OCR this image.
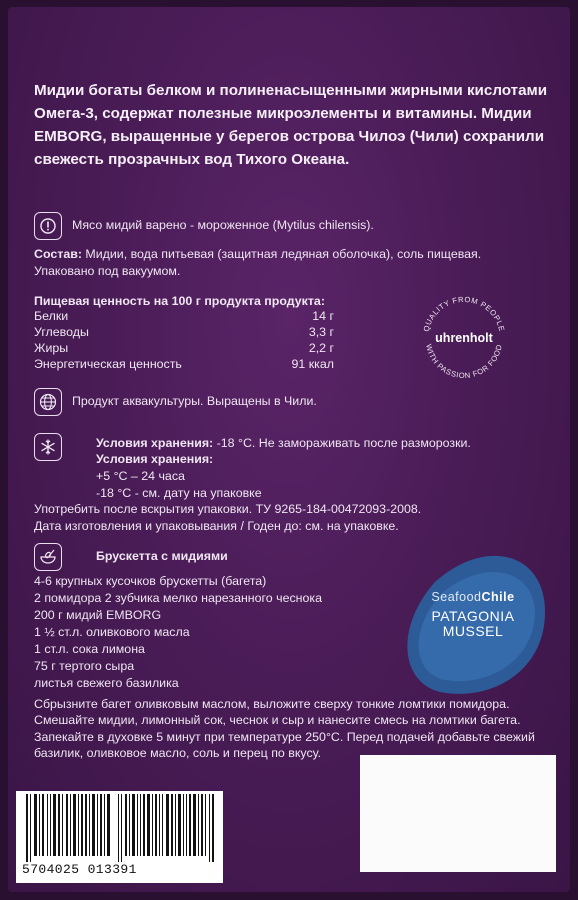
Мидии богаты белком и полиненасыщенными жирными кислотами Омега-3, содержат полезные микроэлементы и витамины. Мидии EMBORG, выращенные у берегов острова Чилоэ (Чили) сохранили свежесть прозрачных вод Тихого Океана.
Мясо мидий варено - мороженное (Mytilus chilensis).
Состав: Мидии, вода питьевая (защитная ледяная оболочка), соль пищевая.
Упаковано под вакуумом.
Пищевая ценность на 100 г продукта продукта:
Белки	14 г
Углеводы	3,3 г
Жиры	2,2 г
Энергетическая ценность	91 ккал
QUALITY FROM PEOPLE
WITH PASSION FOR FOOD
uhrenholt
Продукт аквакультуры. Выращены в Чили.
Условия хранения: -18 °С. Не замораживать после разморозки.
Условия хранения:
+5 °С – 24 часа
-18 °С - см. дату на упаковке
Употребить после вскрытия упаковки. ТУ 9265-184-00472093-2008.
Дата изготовления и упаковывания / Годен до: см. на упаковке.
Брускетта с мидиями
4-6 крупных кусочков брускетты (багета)
2 помидора 2 зубчика мелко нарезанного чеснока
200 г мидий EMBORG
1 ½ ст.л. оливкового масла
1 ст.л. сока лимона
75 г тертого сыра
листья свежего базилика
SeafoodChile
PATAGONIA
MUSSEL
Сбрызните багет оливковым маслом, выложите сверху тонкие ломтики помидора. Смешайте мидии, лимонный сок, чеснок и сыр и нанесите смесь на ломтики багета. Запекайте в духовке 5 минут при температуре 250°С. Перед подачей добавьте свежий базилик, оливковое масло, соль и перец по вкусу.
5704025 013391
